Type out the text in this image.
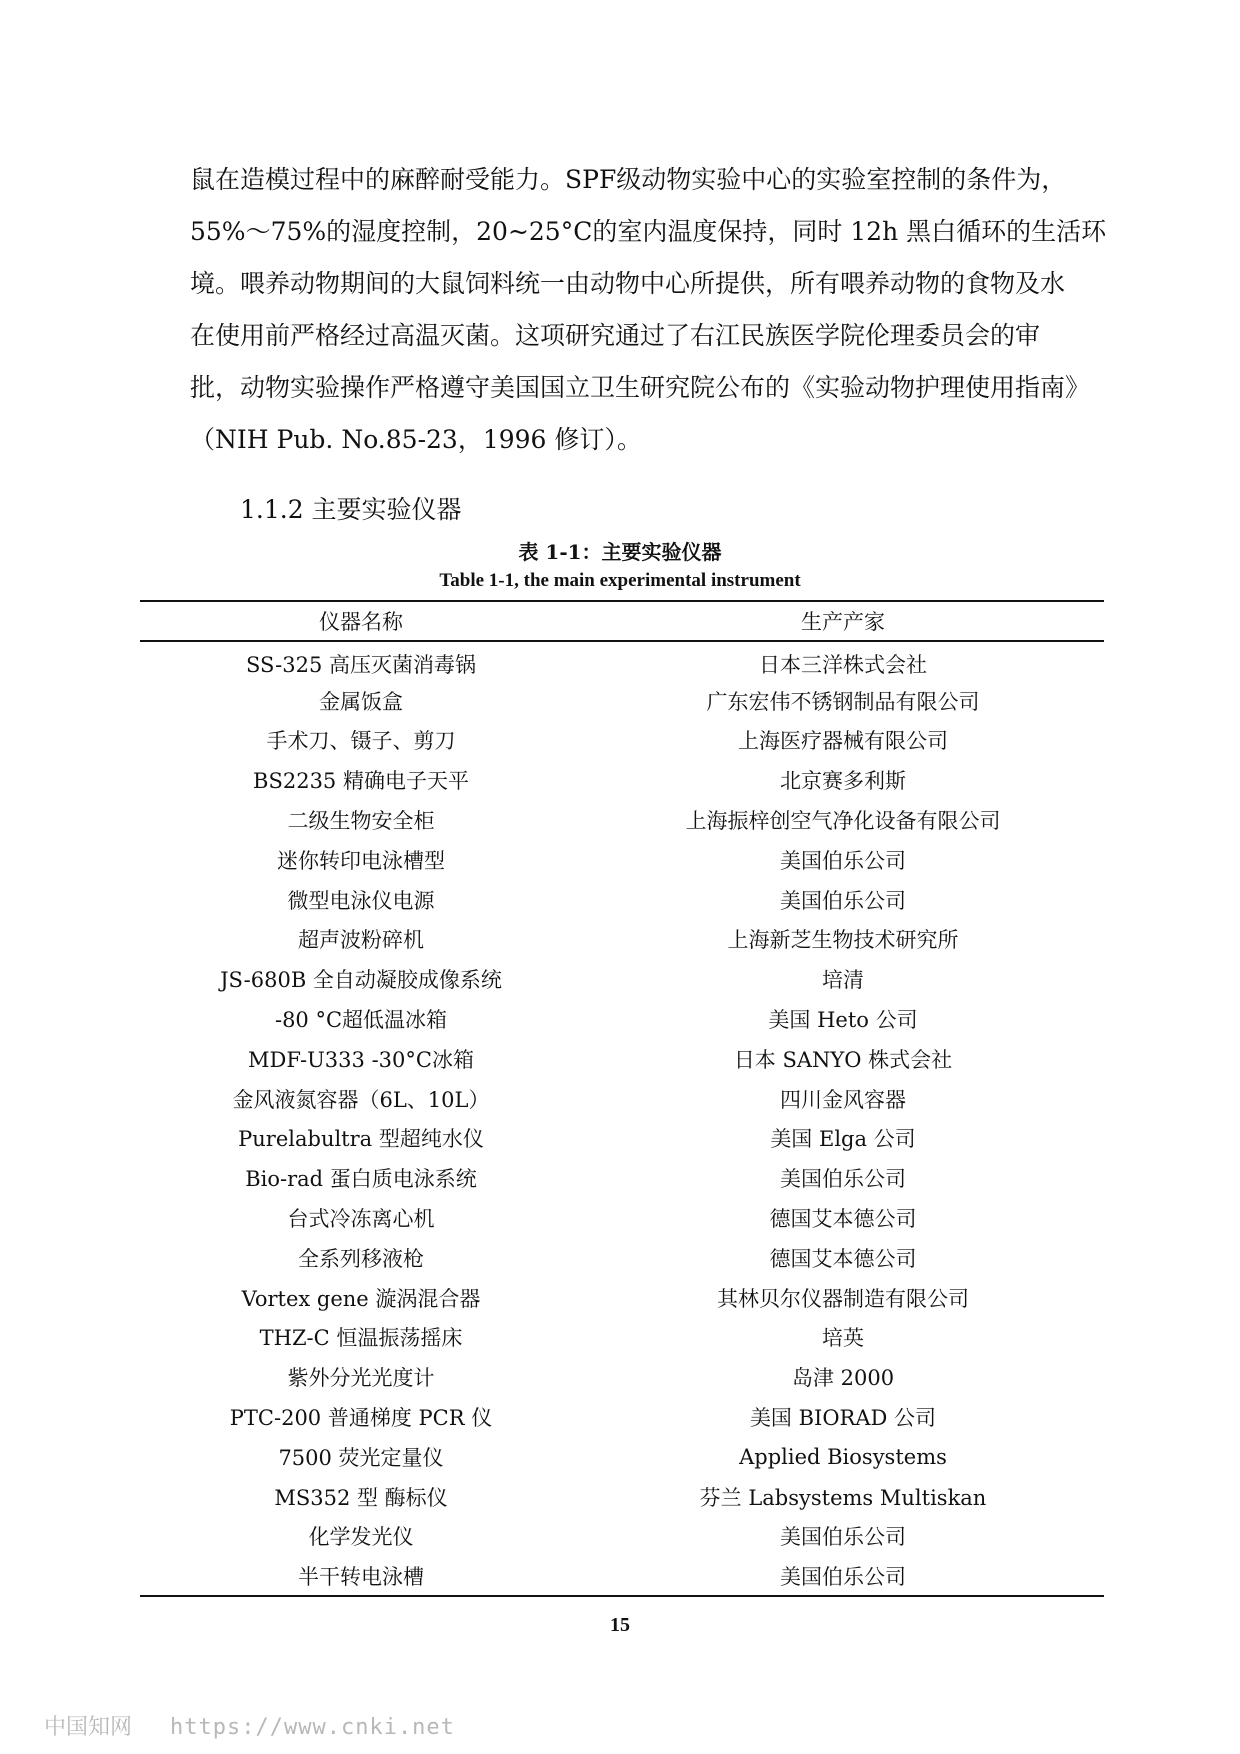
鼠在造模过程中的麻醉耐受能力。SPF级动物实验中心的实验室控制的条件为，
55%～75%的湿度控制，20~25°C的室内温度保持，同时 12h 黑白循环的生活环
境。喂养动物期间的大鼠饲料统一由动物中心所提供，所有喂养动物的食物及水
在使用前严格经过高温灭菌。这项研究通过了右江民族医学院伦理委员会的审
批，动物实验操作严格遵守美国国立卫生研究院公布的《实验动物护理使用指南》
（NIH Pub. No.85-23，1996 修订）。
1.1.2 主要实验仪器
表 1-1：主要实验仪器
Table 1-1, the main experimental instrument
仪器名称	生产产家
SS-325 高压灭菌消毒锅	日本三洋株式会社
金属饭盒	广东宏伟不锈钢制品有限公司
手术刀、镊子、剪刀	上海医疗器械有限公司
BS2235 精确电子天平	北京赛多利斯
二级生物安全柜	上海振梓创空气净化设备有限公司
迷你转印电泳槽型	美国伯乐公司
微型电泳仪电源	美国伯乐公司
超声波粉碎机	上海新芝生物技术研究所
JS-680B 全自动凝胶成像系统	培清
-80 °C超低温冰箱	美国 Heto 公司
MDF-U333 -30°C冰箱	日本 SANYO 株式会社
金风液氮容器（6L、10L）	四川金风容器
Purelabultra 型超纯水仪	美国 Elga 公司
Bio-rad 蛋白质电泳系统	美国伯乐公司
台式冷冻离心机	德国艾本德公司
全系列移液枪	德国艾本德公司
Vortex gene 漩涡混合器	其林贝尔仪器制造有限公司
THZ-C 恒温振荡摇床	培英
紫外分光光度计	岛津 2000
PTC-200 普通梯度 PCR 仪	美国 BIORAD 公司
7500 荧光定量仪	Applied Biosystems
MS352 型 酶标仪	芬兰 Labsystems Multiskan
化学发光仪	美国伯乐公司
半干转电泳槽	美国伯乐公司
15
中国知网 https://www.cnki.net
